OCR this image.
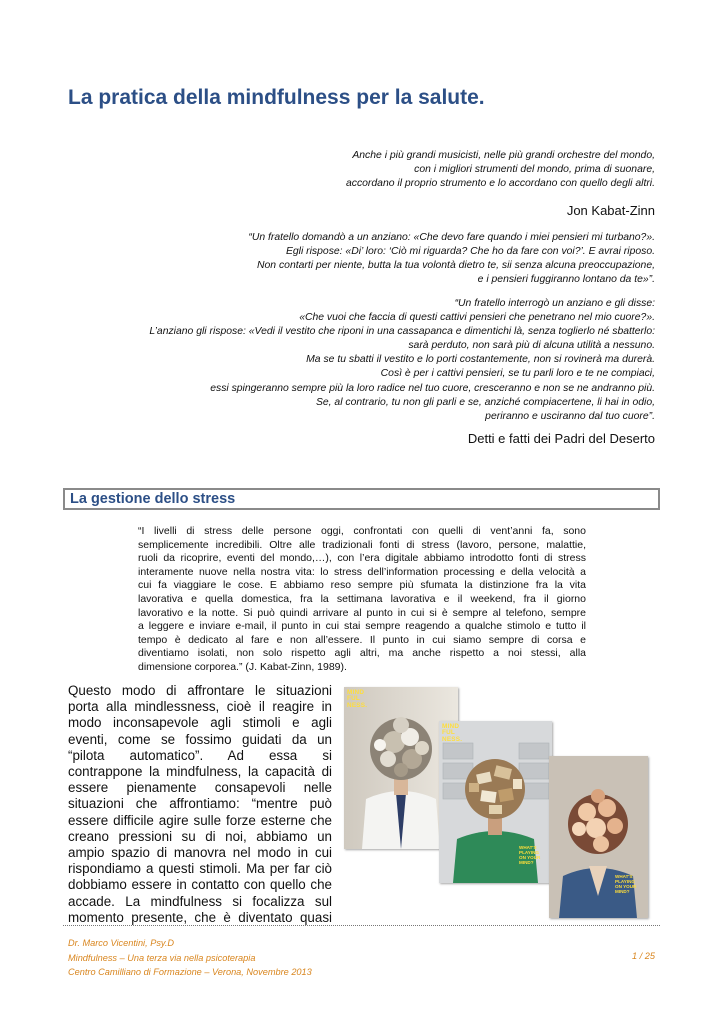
La pratica della mindfulness per la salute.
Anche i più grandi musicisti, nelle più grandi orchestre del mondo,
con i migliori strumenti del mondo, prima di suonare,
accordano il proprio strumento e lo accordano con quello degli altri.
Jon Kabat-Zinn
“Un fratello domandò a un anziano: «Che devo fare quando i miei pensieri mi turbano?».
Egli rispose: «Di’ loro: ‘Ciò mi riguarda? Che ho da fare con voi?’. E avrai riposo.
Non contarti per niente, butta la tua volontà dietro te, sii senza alcuna preoccupazione,
e i pensieri fuggiranno lontano da te»”.
“Un fratello interrogò un anziano e gli disse:
«Che vuoi che faccia di questi cattivi pensieri che penetrano nel mio cuore?».
L’anziano gli rispose: «Vedi il vestito che riponi in una cassapanca e dimentichi là, senza toglierlo né sbatterlo:
sarà perduto, non sarà più di alcuna utilità a nessuno.
Ma se tu sbatti il vestito e lo porti costantemente, non si rovinerà ma durerà.
Così è per i cattivi pensieri, se tu parli loro e te ne compiaci,
essi spingeranno sempre più la loro radice nel tuo cuore, cresceranno e non se ne andranno più.
Se, al contrario, tu non gli parli e se, anziché compiacertene, li hai in odio,
periranno e usciranno dal tuo cuore”.
Detti e fatti dei Padri del Deserto
La gestione dello stress
“I livelli di stress delle persone oggi, confrontati con quelli di vent’anni fa, sono
semplicemente incredibili. Oltre alle tradizionali fonti di stress (lavoro, persone, malattie,
ruoli da ricoprire, eventi del mondo,…), con l’era digitale abbiamo introdotto fonti di stress
interamente nuove nella nostra vita: lo stress dell’information processing e della velocità a
cui fa viaggiare le cose. E abbiamo reso sempre più sfumata la distinzione fra la vita
lavorativa e quella domestica, fra la settimana lavorativa e il weekend, fra il giorno
lavorativo e la notte. Si può quindi arrivare al punto in cui si è sempre al telefono, sempre
a leggere e inviare e-mail, il punto in cui stai sempre reagendo a qualche stimolo e tutto il
tempo è dedicato al fare e non all’essere. Il punto in cui siamo sempre di corsa e
diventiamo isolati, non solo rispetto agli altri, ma anche rispetto a noi stessi, alla
dimensione corporea.” (J. Kabat-Zinn, 1989).
Questo modo di affrontare le situazioni
porta alla mindlessness, cioè il reagire in
modo inconsapevole agli stimoli e agli
eventi, come se fossimo guidati da un
“pilota automatico”. Ad essa si
contrappone la mindfulness, la capacità di
essere pienamente consapevoli nelle
situazioni che affrontiamo: “mentre può
essere difficile agire sulle forze esterne che
creano pressioni su di noi, abbiamo un
ampio spazio di manovra nel modo in cui
rispondiamo a questi stimoli. Ma per far ciò
dobbiamo essere in contatto con quello che
accade. La mindfulness si focalizza sul
momento presente, che è diventato quasi
MIND
FUL
NESS.
MIND
FUL
NESS.
WHAT'S
PLAYING
ON YOUR
MIND?
WHAT'S
PLAYING
ON YOUR
MIND?
Dr. Marco Vicentini, Psy.D
Mindfulness – Una terza via nella psicoterapia
Centro Camilliano di Formazione – Verona, Novembre 2013
1 / 25
